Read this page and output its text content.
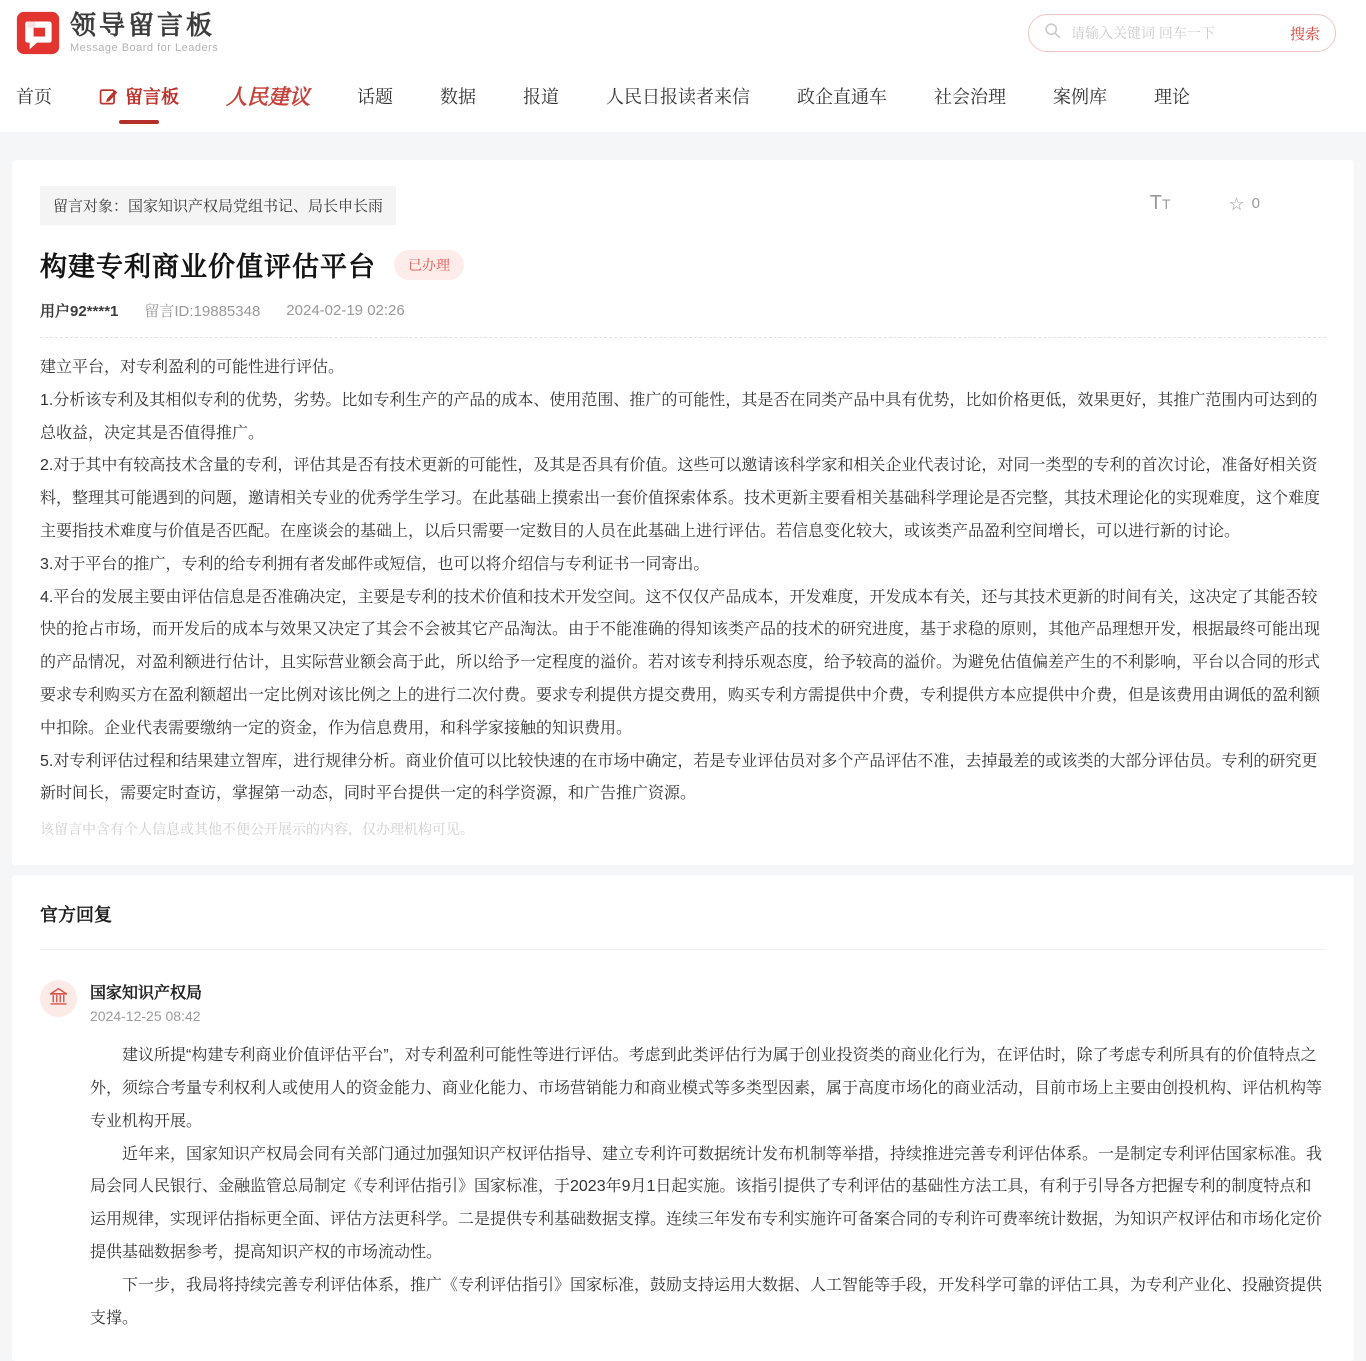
领导留言板
Message Board for Leaders
请输入关键词 回车一下
搜索
首页	留言板 人民建议	话题	数据	报道	人民日报读者来信	政企直通车	社会治理	案例库	理论
留言对象：国家知识产权局党组书记、局长申长雨	Tt	☆ 0
构建专利商业价值评估平台	已办理
用户92****1 留言ID:19885348 2024-02-19 02:26

建立平台，对专利盈利的可能性进行评估。

1.分析该专利及其相似专利的优势，劣势。比如专利生产的产品的成本、使用范围、推广的可能性，其是否在同类产品中具有优势，比如价格更低，效果更好，其推广范围内可达到的总收益，决定其是否值得推广。

2.对于其中有较高技术含量的专利，评估其是否有技术更新的可能性，及其是否具有价值。这些可以邀请该科学家和相关企业代表讨论，对同一类型的专利的首次讨论，准备好相关资料，整理其可能遇到的问题，邀请相关专业的优秀学生学习。在此基础上摸索出一套价值探索体系。技术更新主要看相关基础科学理论是否完整，其技术理论化的实现难度，这个难度主要指技术难度与价值是否匹配。在座谈会的基础上，以后只需要一定数目的人员在此基础上进行评估。若信息变化较大，或该类产品盈利空间增长，可以进行新的讨论。

3.对于平台的推广，专利的给专利拥有者发邮件或短信，也可以将介绍信与专利证书一同寄出。

4.平台的发展主要由评估信息是否准确决定，主要是专利的技术价值和技术开发空间。这不仅仅产品成本，开发难度，开发成本有关，还与其技术更新的时间有关，这决定了其能否较快的抢占市场，而开发后的成本与效果又决定了其会不会被其它产品淘汰。由于不能准确的得知该类产品的技术的研究进度，基于求稳的原则，其他产品理想开发，根据最终可能出现的产品情况，对盈利额进行估计，且实际营业额会高于此，所以给予一定程度的溢价。若对该专利持乐观态度，给予较高的溢价。为避免估值偏差产生的不利影响，平台以合同的形式要求专利购买方在盈利额超出一定比例对该比例之上的进行二次付费。要求专利提供方提交费用，购买专利方需提供中介费，专利提供方本应提供中介费，但是该费用由调低的盈利额中扣除。企业代表需要缴纳一定的资金，作为信息费用，和科学家接触的知识费用。

5.对专利评估过程和结果建立智库，进行规律分析。商业价值可以比较快速的在市场中确定，若是专业评估员对多个产品评估不准，去掉最差的或该类的大部分评估员。专利的研究更新时间长，需要定时查访，掌握第一动态，同时平台提供一定的科学资源，和广告推广资源。

该留言中含有个人信息或其他不便公开展示的内容，仅办理机构可见。
官方回复
国家知识产权局
2024-12-25 08:42

建议所提“构建专利商业价值评估平台”，对专利盈利可能性等进行评估。考虑到此类评估行为属于创业投资类的商业化行为，在评估时，除了考虑专利所具有的价值特点之外，须综合考量专利权利人或使用人的资金能力、商业化能力、市场营销能力和商业模式等多类型因素，属于高度市场化的商业活动，目前市场上主要由创投机构、评估机构等专业机构开展。

近年来，国家知识产权局会同有关部门通过加强知识产权评估指导、建立专利许可数据统计发布机制等举措，持续推进完善专利评估体系。一是制定专利评估国家标准。我局会同人民银行、金融监管总局制定《专利评估指引》国家标准，于2023年9月1日起实施。该指引提供了专利评估的基础性方法工具，有利于引导各方把握专利的制度特点和运用规律，实现评估指标更全面、评估方法更科学。二是提供专利基础数据支撑。连续三年发布专利实施许可备案合同的专利许可费率统计数据，为知识产权评估和市场化定价提供基础数据参考，提高知识产权的市场流动性。

下一步，我局将持续完善专利评估体系，推广《专利评估指引》国家标准，鼓励支持运用大数据、人工智能等手段，开发科学可靠的评估工具，为专利产业化、投融资提供支撑。
